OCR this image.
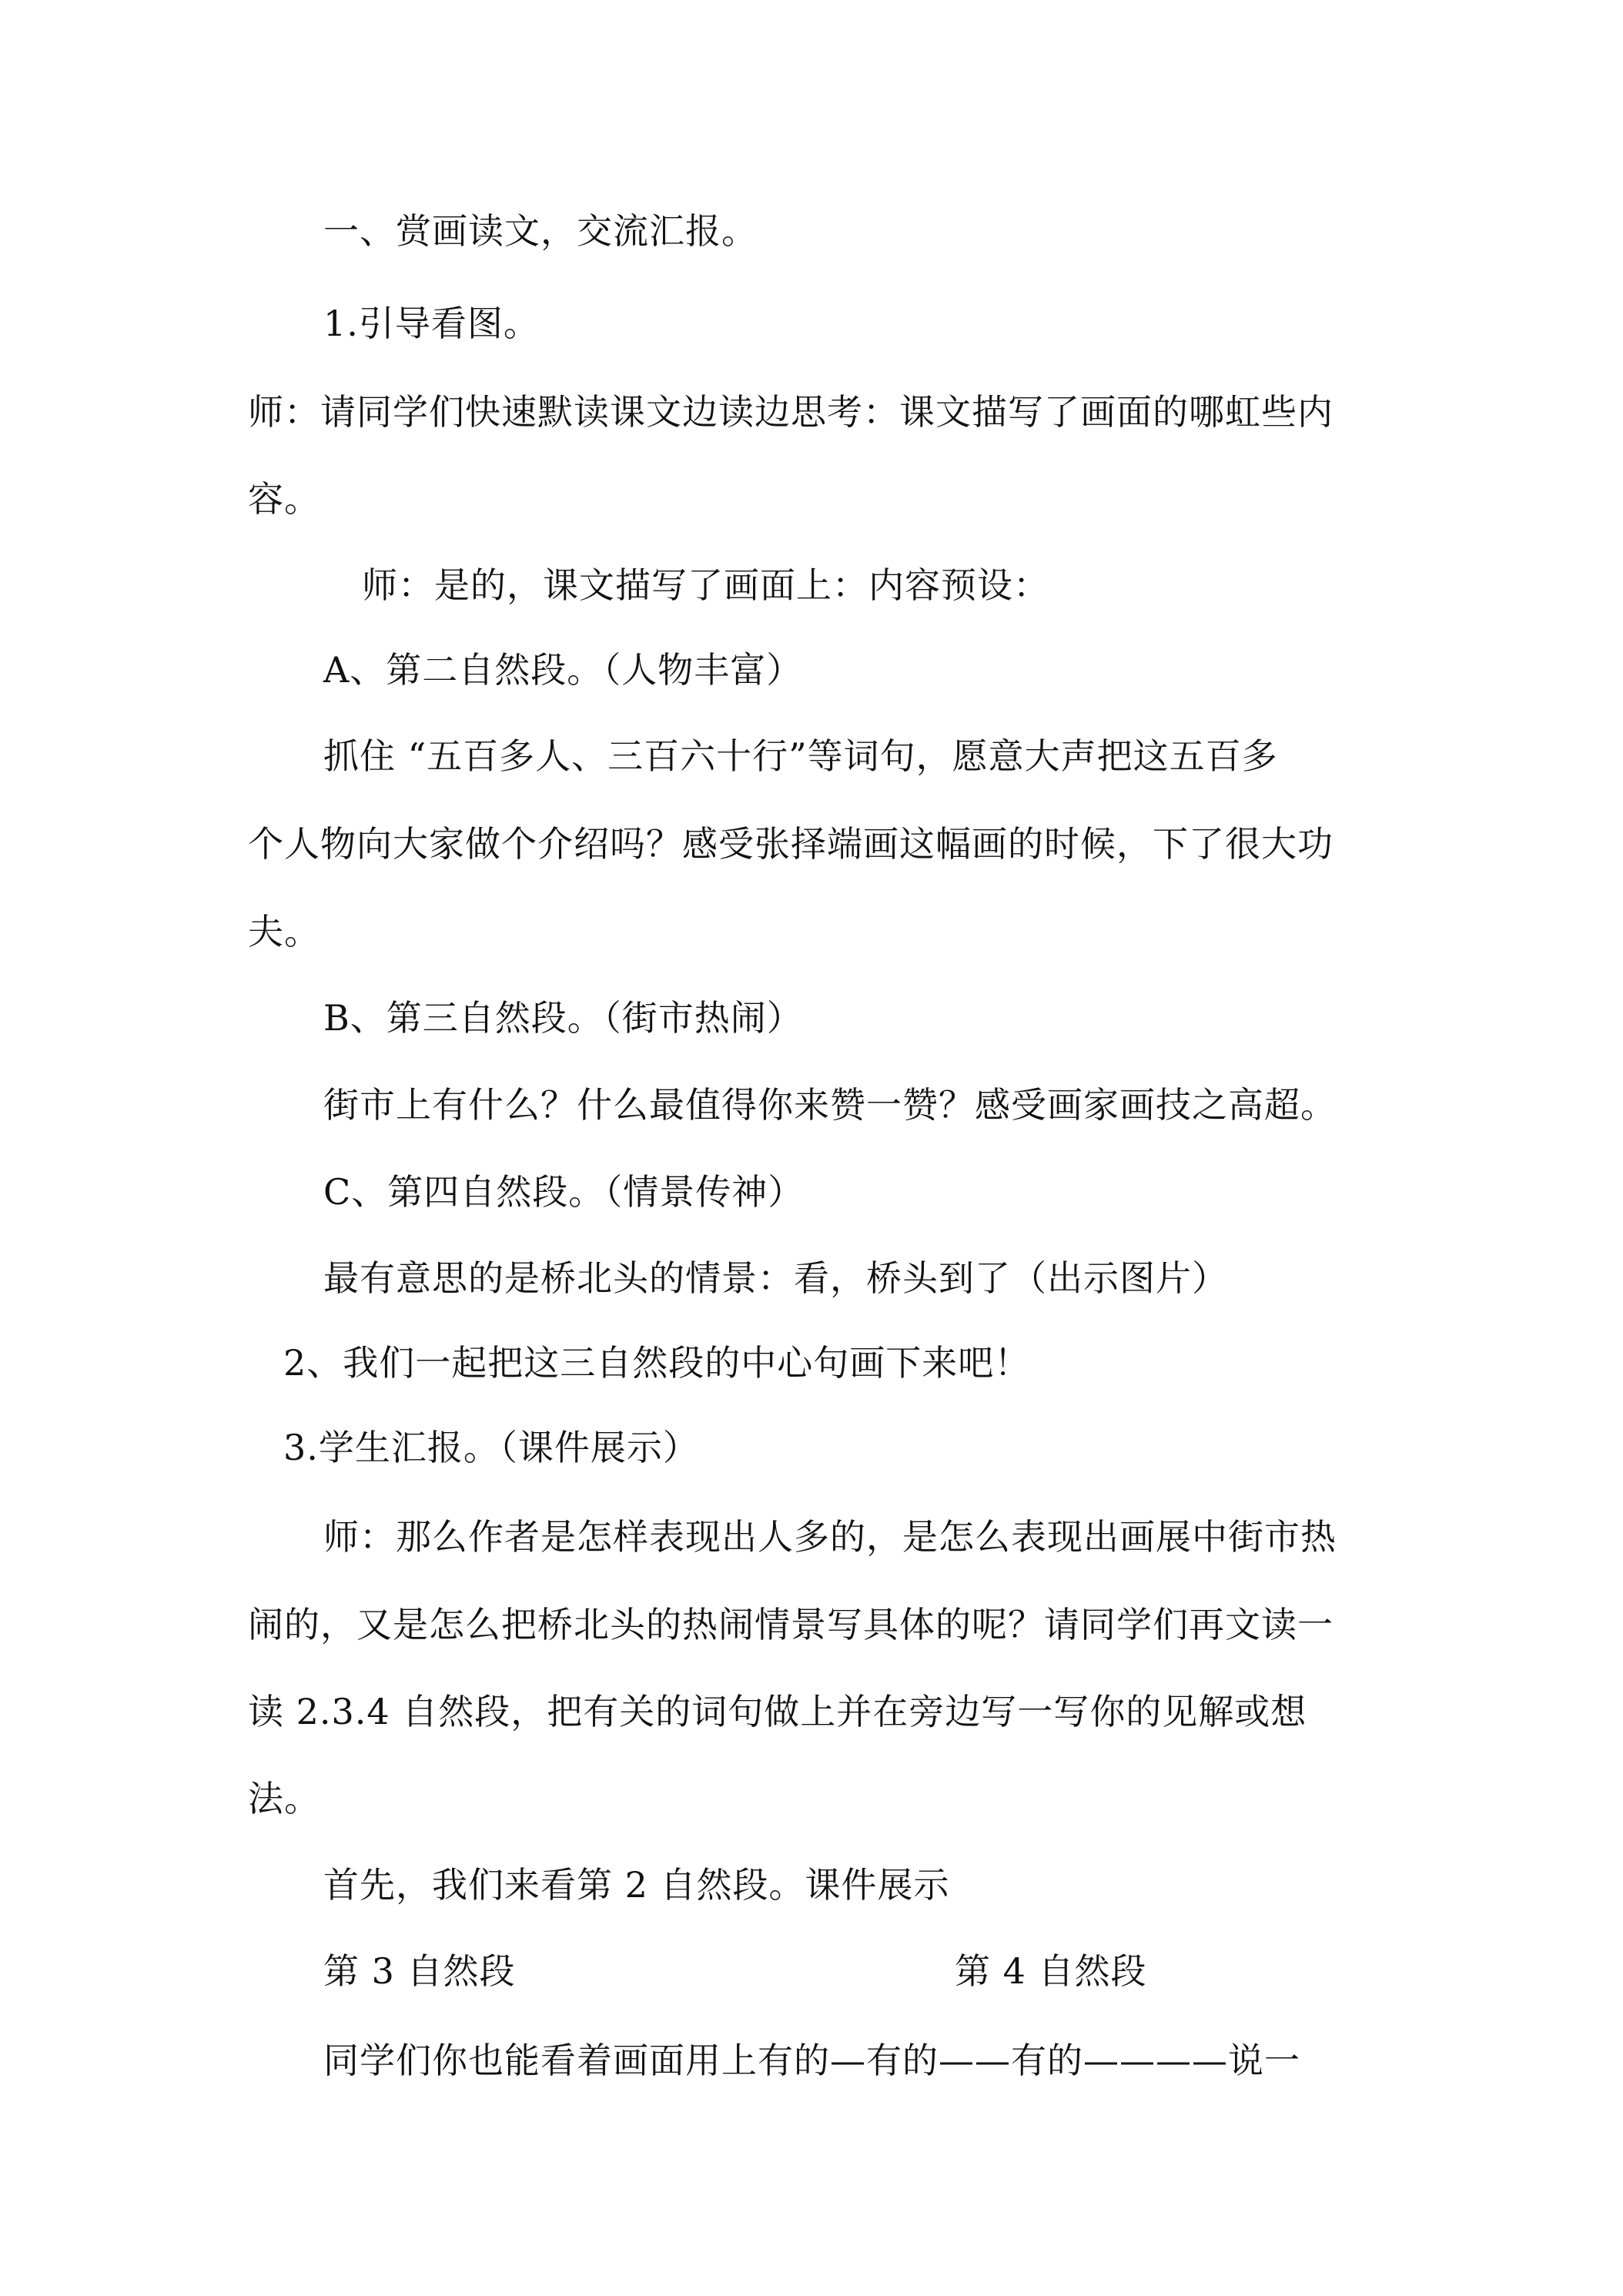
一、赏画读文，交流汇报。
1.引导看图。
师：请同学们快速默读课文边读边思考：课文描写了画面的哪虹些内
容。
师：是的，课文描写了画面上：内容预设：
A、第二自然段。（人物丰富）
抓住 “五百多人、三百六十行”等词句，愿意大声把这五百多
个人物向大家做个介绍吗？感受张择端画这幅画的时候，下了很大功
夫。
B、第三自然段。（街市热闹）
街市上有什么？什么最值得你来赞一赞？感受画家画技之高超。
C、第四自然段。（情景传神）
最有意思的是桥北头的情景：看，桥头到了（出示图片）
2、我们一起把这三自然段的中心句画下来吧！
3.学生汇报。（课件展示）
师：那么作者是怎样表现出人多的，是怎么表现出画展中街市热
闹的，又是怎么把桥北头的热闹情景写具体的呢？请同学们再文读一
读 2.3.4 自然段，把有关的词句做上并在旁边写一写你的见解或想
法。
首先，我们来看第 2 自然段。课件展示
第 3 自然段	第 4 自然段
同学们你也能看着画面用上有的—有的——有的————说一
